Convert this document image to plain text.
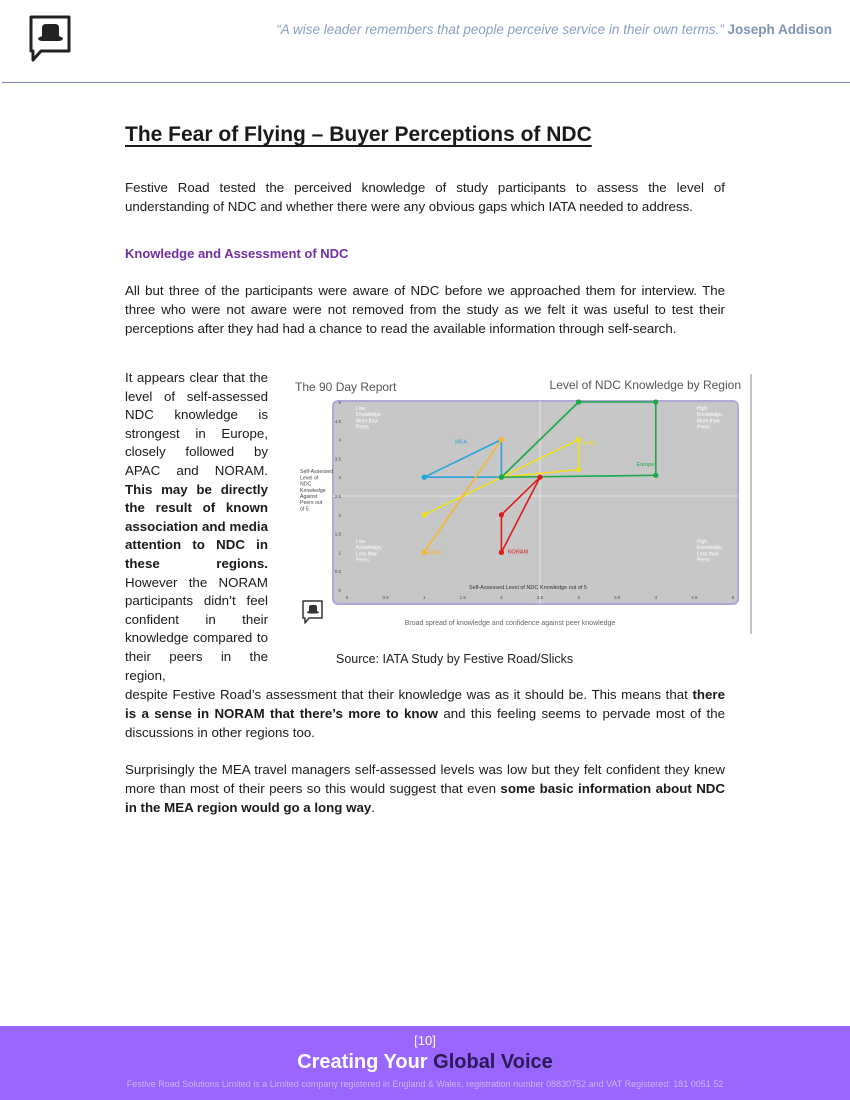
“A wise leader remembers that people perceive service in their own terms.” Joseph Addison
The Fear of Flying – Buyer Perceptions of NDC

Festive Road tested the perceived knowledge of study participants to assess the level of understanding of NDC and whether there were any obvious gaps which IATA needed to address.

Knowledge and Assessment of NDC

All but three of the participants were aware of NDC before we approached them for interview. The three who were not aware were not removed from the study as we felt it was useful to test their perceptions after they had had a chance to read the available information through self-search.

It appears clear that the level of self-assessed NDC knowledge is strongest in Europe, closely followed by APAC and NORAM. This may be directly the result of known association and media attention to NDC in these regions. However the NORAM participants didn’t feel confident in their knowledge compared to their peers in the region,
The 90 Day Report	Level of NDC Knowledge by Region
0	0.5	1	1.5	2	2.5	3	3.5	4	4.5	5
0
0.5
1
1.5
2
2.5
3
3.5
4
4.5
5
Low Knowledge, More than Peers
High Knowledge, More than Peers
Low Knowledge, Less than Peers
High Knowledge, Less than Peers
MEA	APAC
Europe
APAC	NORAM
Self-Assessed Level of NDC Knowledge Against Peers out of 5
Self-Assessed Level of NDC Knowledge out of 5
Broad spread of knowledge and confidence against peer knowledge
Source: IATA Study by Festive Road/Slicks

despite Festive Road’s assessment that their knowledge was as it should be. This means that there is a sense in NORAM that there’s more to know and this feeling seems to pervade most of the discussions in other regions too.

Surprisingly the MEA travel managers self-assessed levels was low but they felt confident they knew more than most of their peers so this would suggest that even some basic information about NDC in the MEA region would go a long way.

[10]
Creating Your Global Voice
Festive Road Solutions Limited is a Limited company registered in England & Wales, registration number 08830752 and VAT Registered: 181 0051 52
